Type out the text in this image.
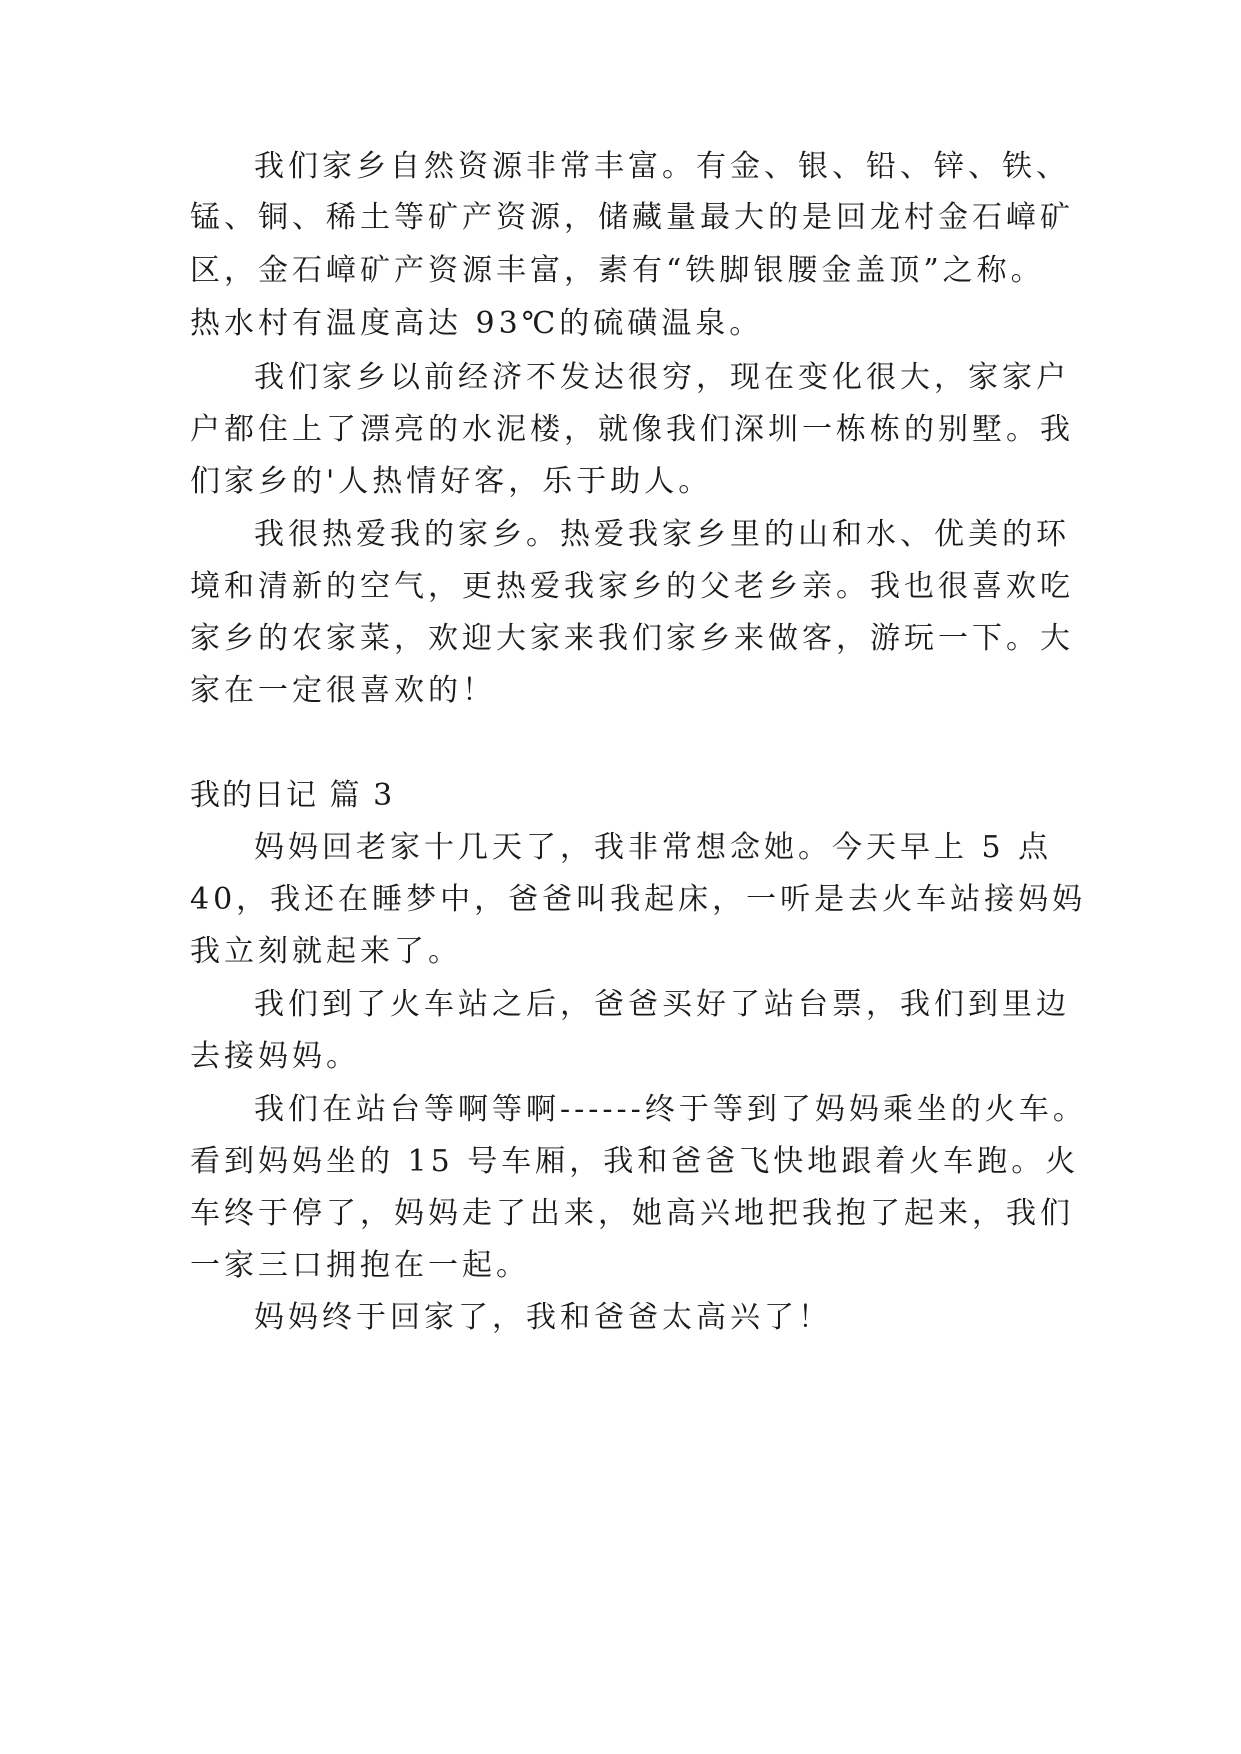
我们家乡自然资源非常丰富。有金、银、铅、锌、铁、
锰、铜、稀土等矿产资源，储藏量最大的是回龙村金石嶂矿
区，金石嶂矿产资源丰富，素有“铁脚银腰金盖顶”之称。
热水村有温度高达 93℃的硫磺温泉。
我们家乡以前经济不发达很穷，现在变化很大，家家户
户都住上了漂亮的水泥楼，就像我们深圳一栋栋的别墅。我
们家乡的'人热情好客，乐于助人。
我很热爱我的家乡。热爱我家乡里的山和水、优美的环
境和清新的空气，更热爱我家乡的父老乡亲。我也很喜欢吃
家乡的农家菜，欢迎大家来我们家乡来做客，游玩一下。大
家在一定很喜欢的！
我的日记 篇 3
妈妈回老家十几天了，我非常想念她。今天早上 5 点
40，我还在睡梦中，爸爸叫我起床，一听是去火车站接妈妈
我立刻就起来了。
我们到了火车站之后，爸爸买好了站台票，我们到里边
去接妈妈。
我们在站台等啊等啊------终于等到了妈妈乘坐的火车。
看到妈妈坐的 15 号车厢，我和爸爸飞快地跟着火车跑。火
车终于停了，妈妈走了出来，她高兴地把我抱了起来，我们
一家三口拥抱在一起。
妈妈终于回家了，我和爸爸太高兴了！
